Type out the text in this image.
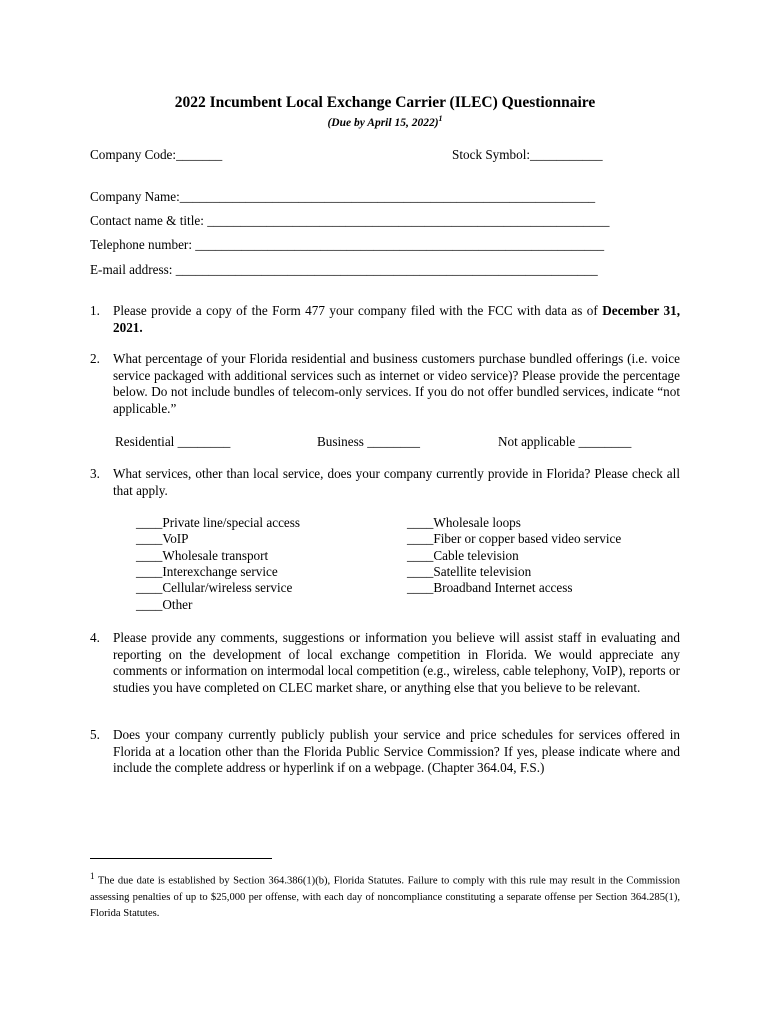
2022 Incumbent Local Exchange Carrier (ILEC) Questionnaire
(Due by April 15, 2022)$^1$
Company Code:_______	Stock Symbol:___________
Company Name:_______________________________________________________________
Contact name & title: _____________________________________________________________
Telephone number: ______________________________________________________________
E-mail address: ________________________________________________________________
1. Please provide a copy of the Form 477 your company filed with the FCC with data as of December 31, 2021.
2. What percentage of your Florida residential and business customers purchase bundled offerings (i.e. voice service packaged with additional services such as internet or video service)? Please provide the percentage below. Do not include bundles of telecom-only services. If you do not offer bundled services, indicate “not applicable.”
Residential ________	Business ________	Not applicable ________
3. What services, other than local service, does your company currently provide in Florida? Please check all that apply.
____Private line/special access
____VoIP
____Wholesale transport
____Interexchange service
____Cellular/wireless service
____Other
____Wholesale loops
____Fiber or copper based video service
____Cable television
____Satellite television
____Broadband Internet access
4. Please provide any comments, suggestions or information you believe will assist staff in evaluating and reporting on the development of local exchange competition in Florida. We would appreciate any comments or information on intermodal local competition (e.g., wireless, cable telephony, VoIP), reports or studies you have completed on CLEC market share, or anything else that you believe to be relevant.
5. Does your company currently publicly publish your service and price schedules for services offered in Florida at a location other than the Florida Public Service Commission? If yes, please indicate where and include the complete address or hyperlink if on a webpage. (Chapter 364.04, F.S.)
$^1$ The due date is established by Section 364.386(1)(b), Florida Statutes. Failure to comply with this rule may result in the Commission assessing penalties of up to $25,000 per offense, with each day of noncompliance constituting a separate offense per Section 364.285(1), Florida Statutes.
